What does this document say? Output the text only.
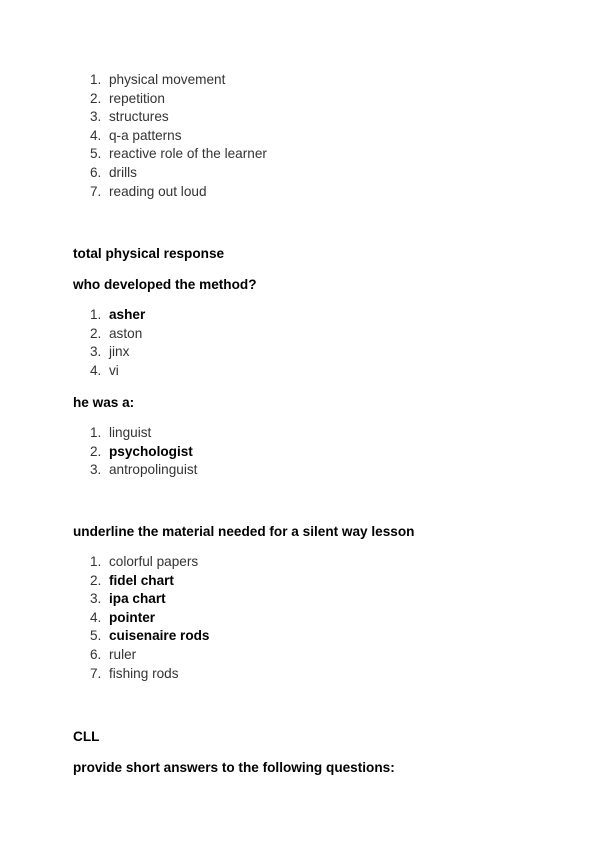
1. physical movement
2. repetition
3. structures
4. q-a patterns
5. reactive role of the learner
6. drills
7. reading out loud

total physical response

who developed the method?

1. asher
2. aston
3. jinx
4. vi

he was a:

1. linguist
2. psychologist
3. antropolinguist

underline the material needed for a silent way lesson

1. colorful papers
2. fidel chart
3. ipa chart
4. pointer
5. cuisenaire rods
6. ruler
7. fishing rods

CLL

provide short answers to the following questions:
